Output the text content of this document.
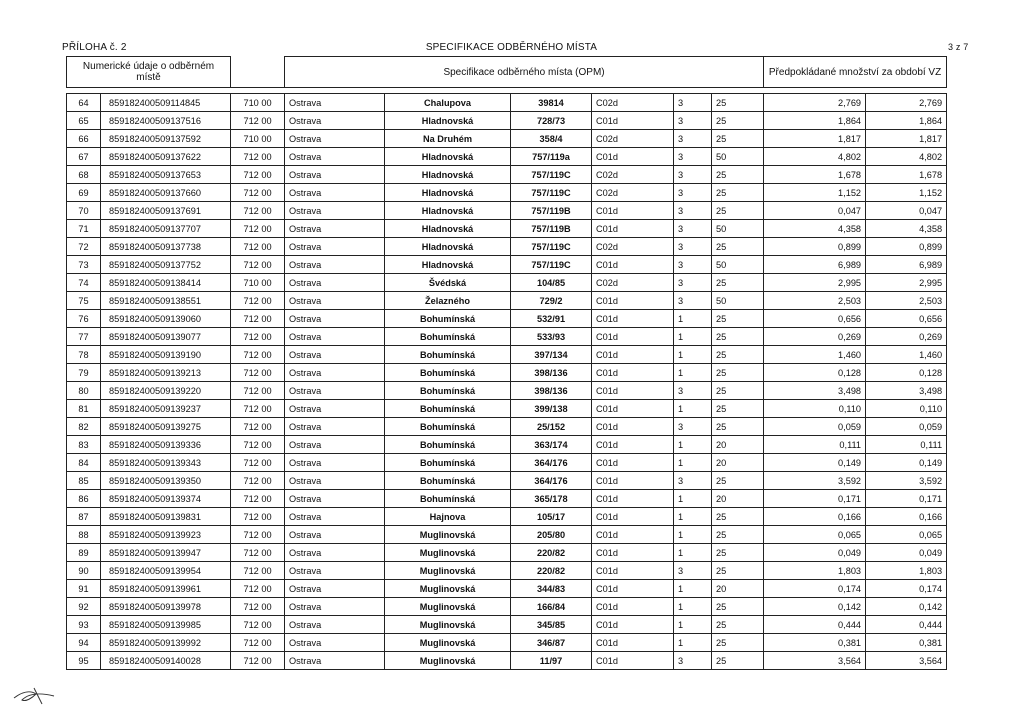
PŘÍLOHA č. 2	SPECIFIKACE ODBĚRNÉHO MÍSTA	3 z 7
Numerické údaje o odběrném místě			Specifikace odběrného místa (OPM)						Předpokládané množství za období VZ	

64	859182400509114845	710 00	Ostrava	Chalupova	39814	C02d	3	25	2,769	2,769
65	859182400509137516	712 00	Ostrava	Hladnovská	728/73	C01d	3	25	1,864	1,864
66	859182400509137592	710 00	Ostrava	Na Druhém	358/4	C02d	3	25	1,817	1,817
67	859182400509137622	712 00	Ostrava	Hladnovská	757/119a	C01d	3	50	4,802	4,802
68	859182400509137653	712 00	Ostrava	Hladnovská	757/119C	C02d	3	25	1,678	1,678
69	859182400509137660	712 00	Ostrava	Hladnovská	757/119C	C02d	3	25	1,152	1,152
70	859182400509137691	712 00	Ostrava	Hladnovská	757/119B	C01d	3	25	0,047	0,047
71	859182400509137707	712 00	Ostrava	Hladnovská	757/119B	C01d	3	50	4,358	4,358
72	859182400509137738	712 00	Ostrava	Hladnovská	757/119C	C02d	3	25	0,899	0,899
73	859182400509137752	712 00	Ostrava	Hladnovská	757/119C	C01d	3	50	6,989	6,989
74	859182400509138414	710 00	Ostrava	Švédská	104/85	C02d	3	25	2,995	2,995
75	859182400509138551	712 00	Ostrava	Želazného	729/2	C01d	3	50	2,503	2,503
76	859182400509139060	712 00	Ostrava	Bohumínská	532/91	C01d	1	25	0,656	0,656
77	859182400509139077	712 00	Ostrava	Bohumínská	533/93	C01d	1	25	0,269	0,269
78	859182400509139190	712 00	Ostrava	Bohumínská	397/134	C01d	1	25	1,460	1,460
79	859182400509139213	712 00	Ostrava	Bohumínská	398/136	C01d	1	25	0,128	0,128
80	859182400509139220	712 00	Ostrava	Bohumínská	398/136	C01d	3	25	3,498	3,498
81	859182400509139237	712 00	Ostrava	Bohumínská	399/138	C01d	1	25	0,110	0,110
82	859182400509139275	712 00	Ostrava	Bohumínská	25/152	C01d	3	25	0,059	0,059
83	859182400509139336	712 00	Ostrava	Bohumínská	363/174	C01d	1	20	0,111	0,111
84	859182400509139343	712 00	Ostrava	Bohumínská	364/176	C01d	1	20	0,149	0,149
85	859182400509139350	712 00	Ostrava	Bohumínská	364/176	C01d	3	25	3,592	3,592
86	859182400509139374	712 00	Ostrava	Bohumínská	365/178	C01d	1	20	0,171	0,171
87	859182400509139831	712 00	Ostrava	Hajnova	105/17	C01d	1	25	0,166	0,166
88	859182400509139923	712 00	Ostrava	Muglinovská	205/80	C01d	1	25	0,065	0,065
89	859182400509139947	712 00	Ostrava	Muglinovská	220/82	C01d	1	25	0,049	0,049
90	859182400509139954	712 00	Ostrava	Muglinovská	220/82	C01d	3	25	1,803	1,803
91	859182400509139961	712 00	Ostrava	Muglinovská	344/83	C01d	1	20	0,174	0,174
92	859182400509139978	712 00	Ostrava	Muglinovská	166/84	C01d	1	25	0,142	0,142
93	859182400509139985	712 00	Ostrava	Muglinovská	345/85	C01d	1	25	0,444	0,444
94	859182400509139992	712 00	Ostrava	Muglinovská	346/87	C01d	1	25	0,381	0,381
95	859182400509140028	712 00	Ostrava	Muglinovská	11/97	C01d	3	25	3,564	3,564
